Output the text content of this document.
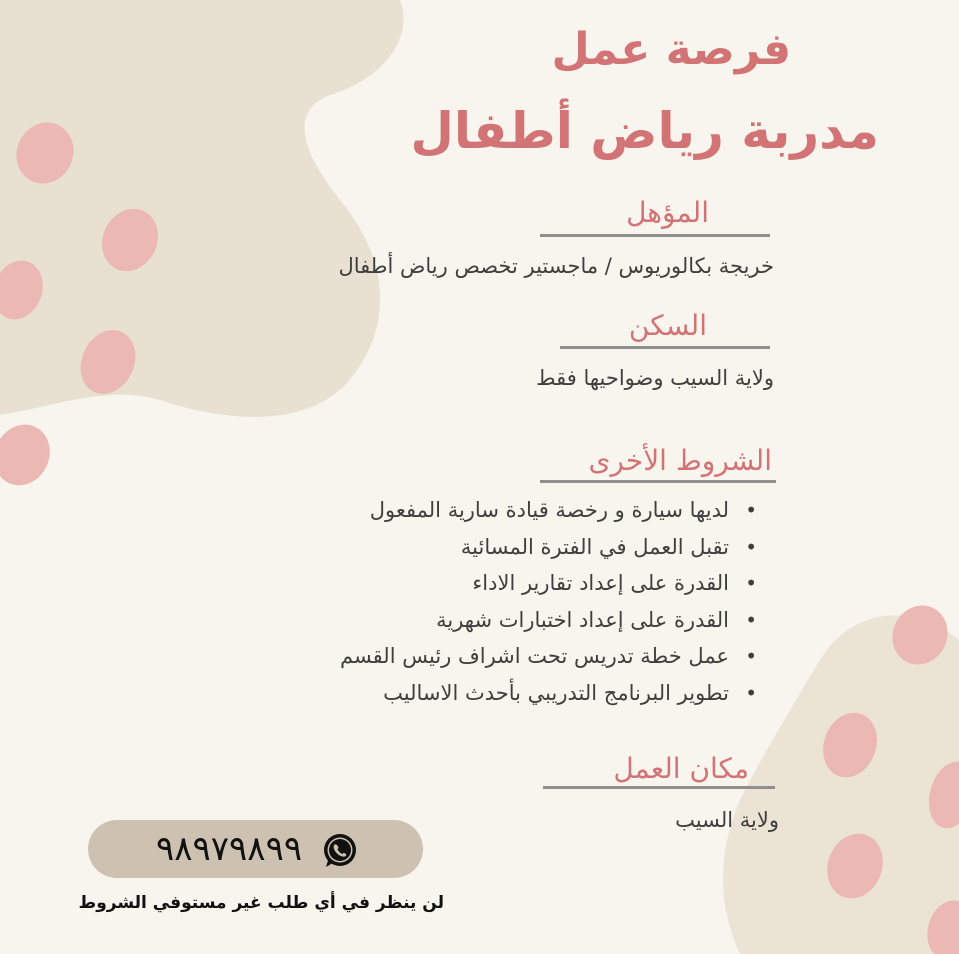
فرصة عمل
مدربة رياض أطفال
المؤهل
خريجة بكالوريوس / ماجستير تخصص رياض أطفال
السكن
ولاية السيب وضواحيها فقط
الشروط الأخرى
• لديها سيارة و رخصة قيادة سارية المفعول
• تقبل العمل في الفترة المسائية
• القدرة على إعداد تقارير الاداء
• القدرة على إعداد اختبارات شهرية
• عمل خطة تدريس تحت اشراف رئيس القسم
• تطوير البرنامج التدريبي بأحدث الاساليب
مكان العمل
ولاية السيب
٩٨٩٧٩٨٩٩
لن ينظر في أي طلب غير مستوفي الشروط
